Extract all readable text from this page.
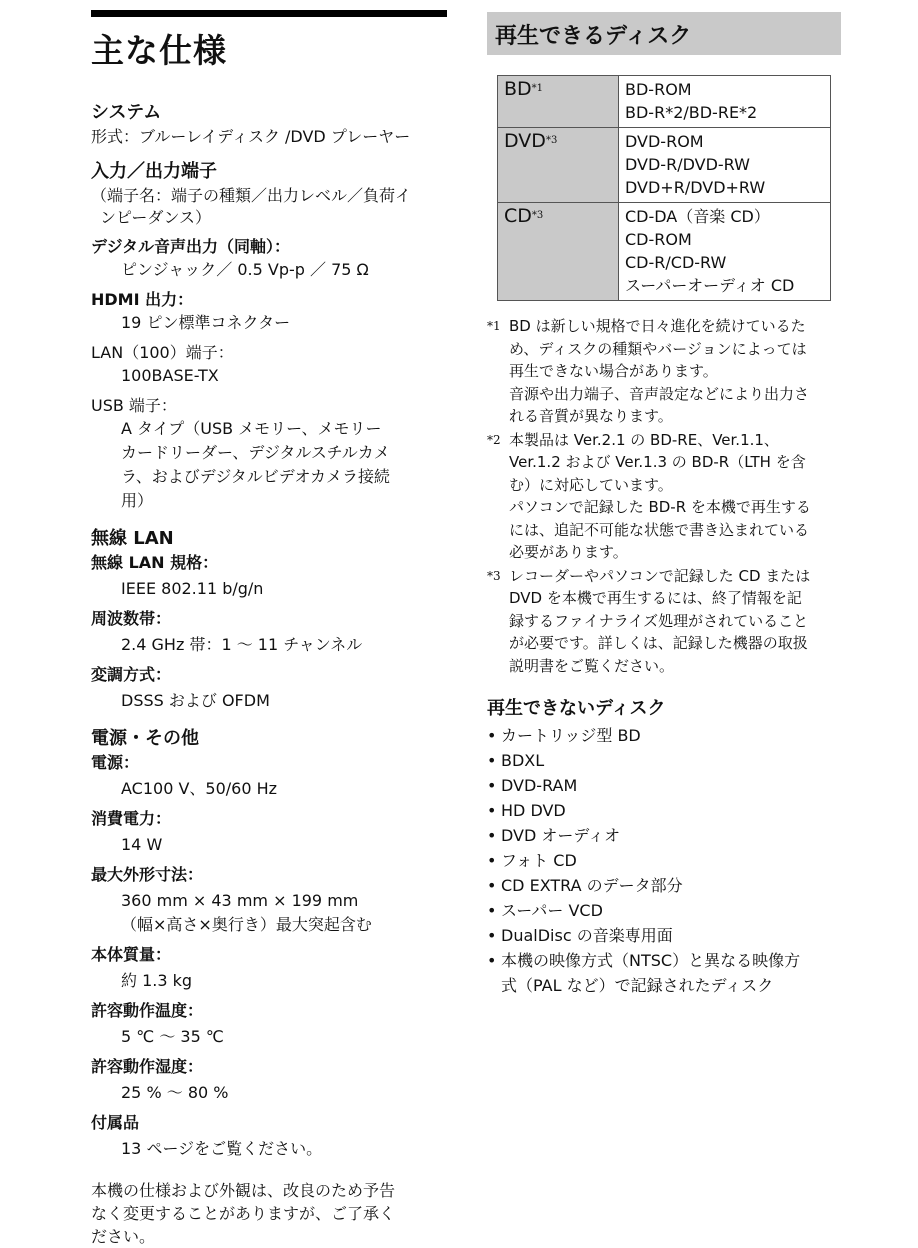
主な仕様
システム
形式：ブルーレイディスク /DVD プレーヤー
入力／出力端子
（端子名：端子の種類／出力レベル／負荷イ
ンピーダンス）
デジタル音声出力（同軸）：
ピンジャック／ 0.5 Vp-p ／ 75 Ω
HDMI 出力：
19 ピン標準コネクター
LAN（100）端子：
100BASE-TX
USB 端子：
A タイプ（USB メモリー、メモリー
カードリーダー、デジタルスチルカメ
ラ、およびデジタルビデオカメラ接続
用）
無線 LAN
無線 LAN 規格：
IEEE 802.11 b/g/n
周波数帯：
2.4 GHz 帯：1 ～ 11 チャンネル
変調方式：
DSSS および OFDM
電源・その他
電源：
AC100 V、50/60 Hz
消費電力：
14 W
最大外形寸法：
360 mm × 43 mm × 199 mm
（幅×高さ×奥行き）最大突起含む
本体質量：
約 1.3 kg
許容動作温度：
5 ℃ ～ 35 ℃
許容動作湿度：
25 % ～ 80 %
付属品
13 ページをご覧ください。
本機の仕様および外観は、改良のため予告
なく変更することがありますが、ご了承く
ださい。
再生できるディスク
BD$^{*1}$	BD-ROM
BD-R*2/BD-RE*2

DVD$^{*3}$	DVD-ROM
DVD-R/DVD-RW
DVD+R/DVD+RW

CD$^{*3}$	CD-DA（音楽 CD）
CD-ROM
CD-R/CD-RW
スーパーオーディオ CD
*1 BD は新しい規格で日々進化を続けているた
め、ディスクの種類やバージョンによっては
再生できない場合があります。
音源や出力端子、音声設定などにより出力さ
れる音質が異なります。
*2 本製品は Ver.2.1 の BD-RE、Ver.1.1、
Ver.1.2 および Ver.1.3 の BD-R（LTH を含
む）に対応しています。
パソコンで記録した BD-R を本機で再生する
には、追記不可能な状態で書き込まれている
必要があります。
*3 レコーダーやパソコンで記録した CD または
DVD を本機で再生するには、終了情報を記
録するファイナライズ処理がされていること
が必要です。詳しくは、記録した機器の取扱
説明書をご覧ください。
再生できないディスク
• カートリッジ型 BD
• BDXL
• DVD-RAM
• HD DVD
• DVD オーディオ
• フォト CD
• CD EXTRA のデータ部分
• スーパー VCD
• DualDisc の音楽専用面
• 本機の映像方式（NTSC）と異なる映像方
式（PAL など）で記録されたディスク
